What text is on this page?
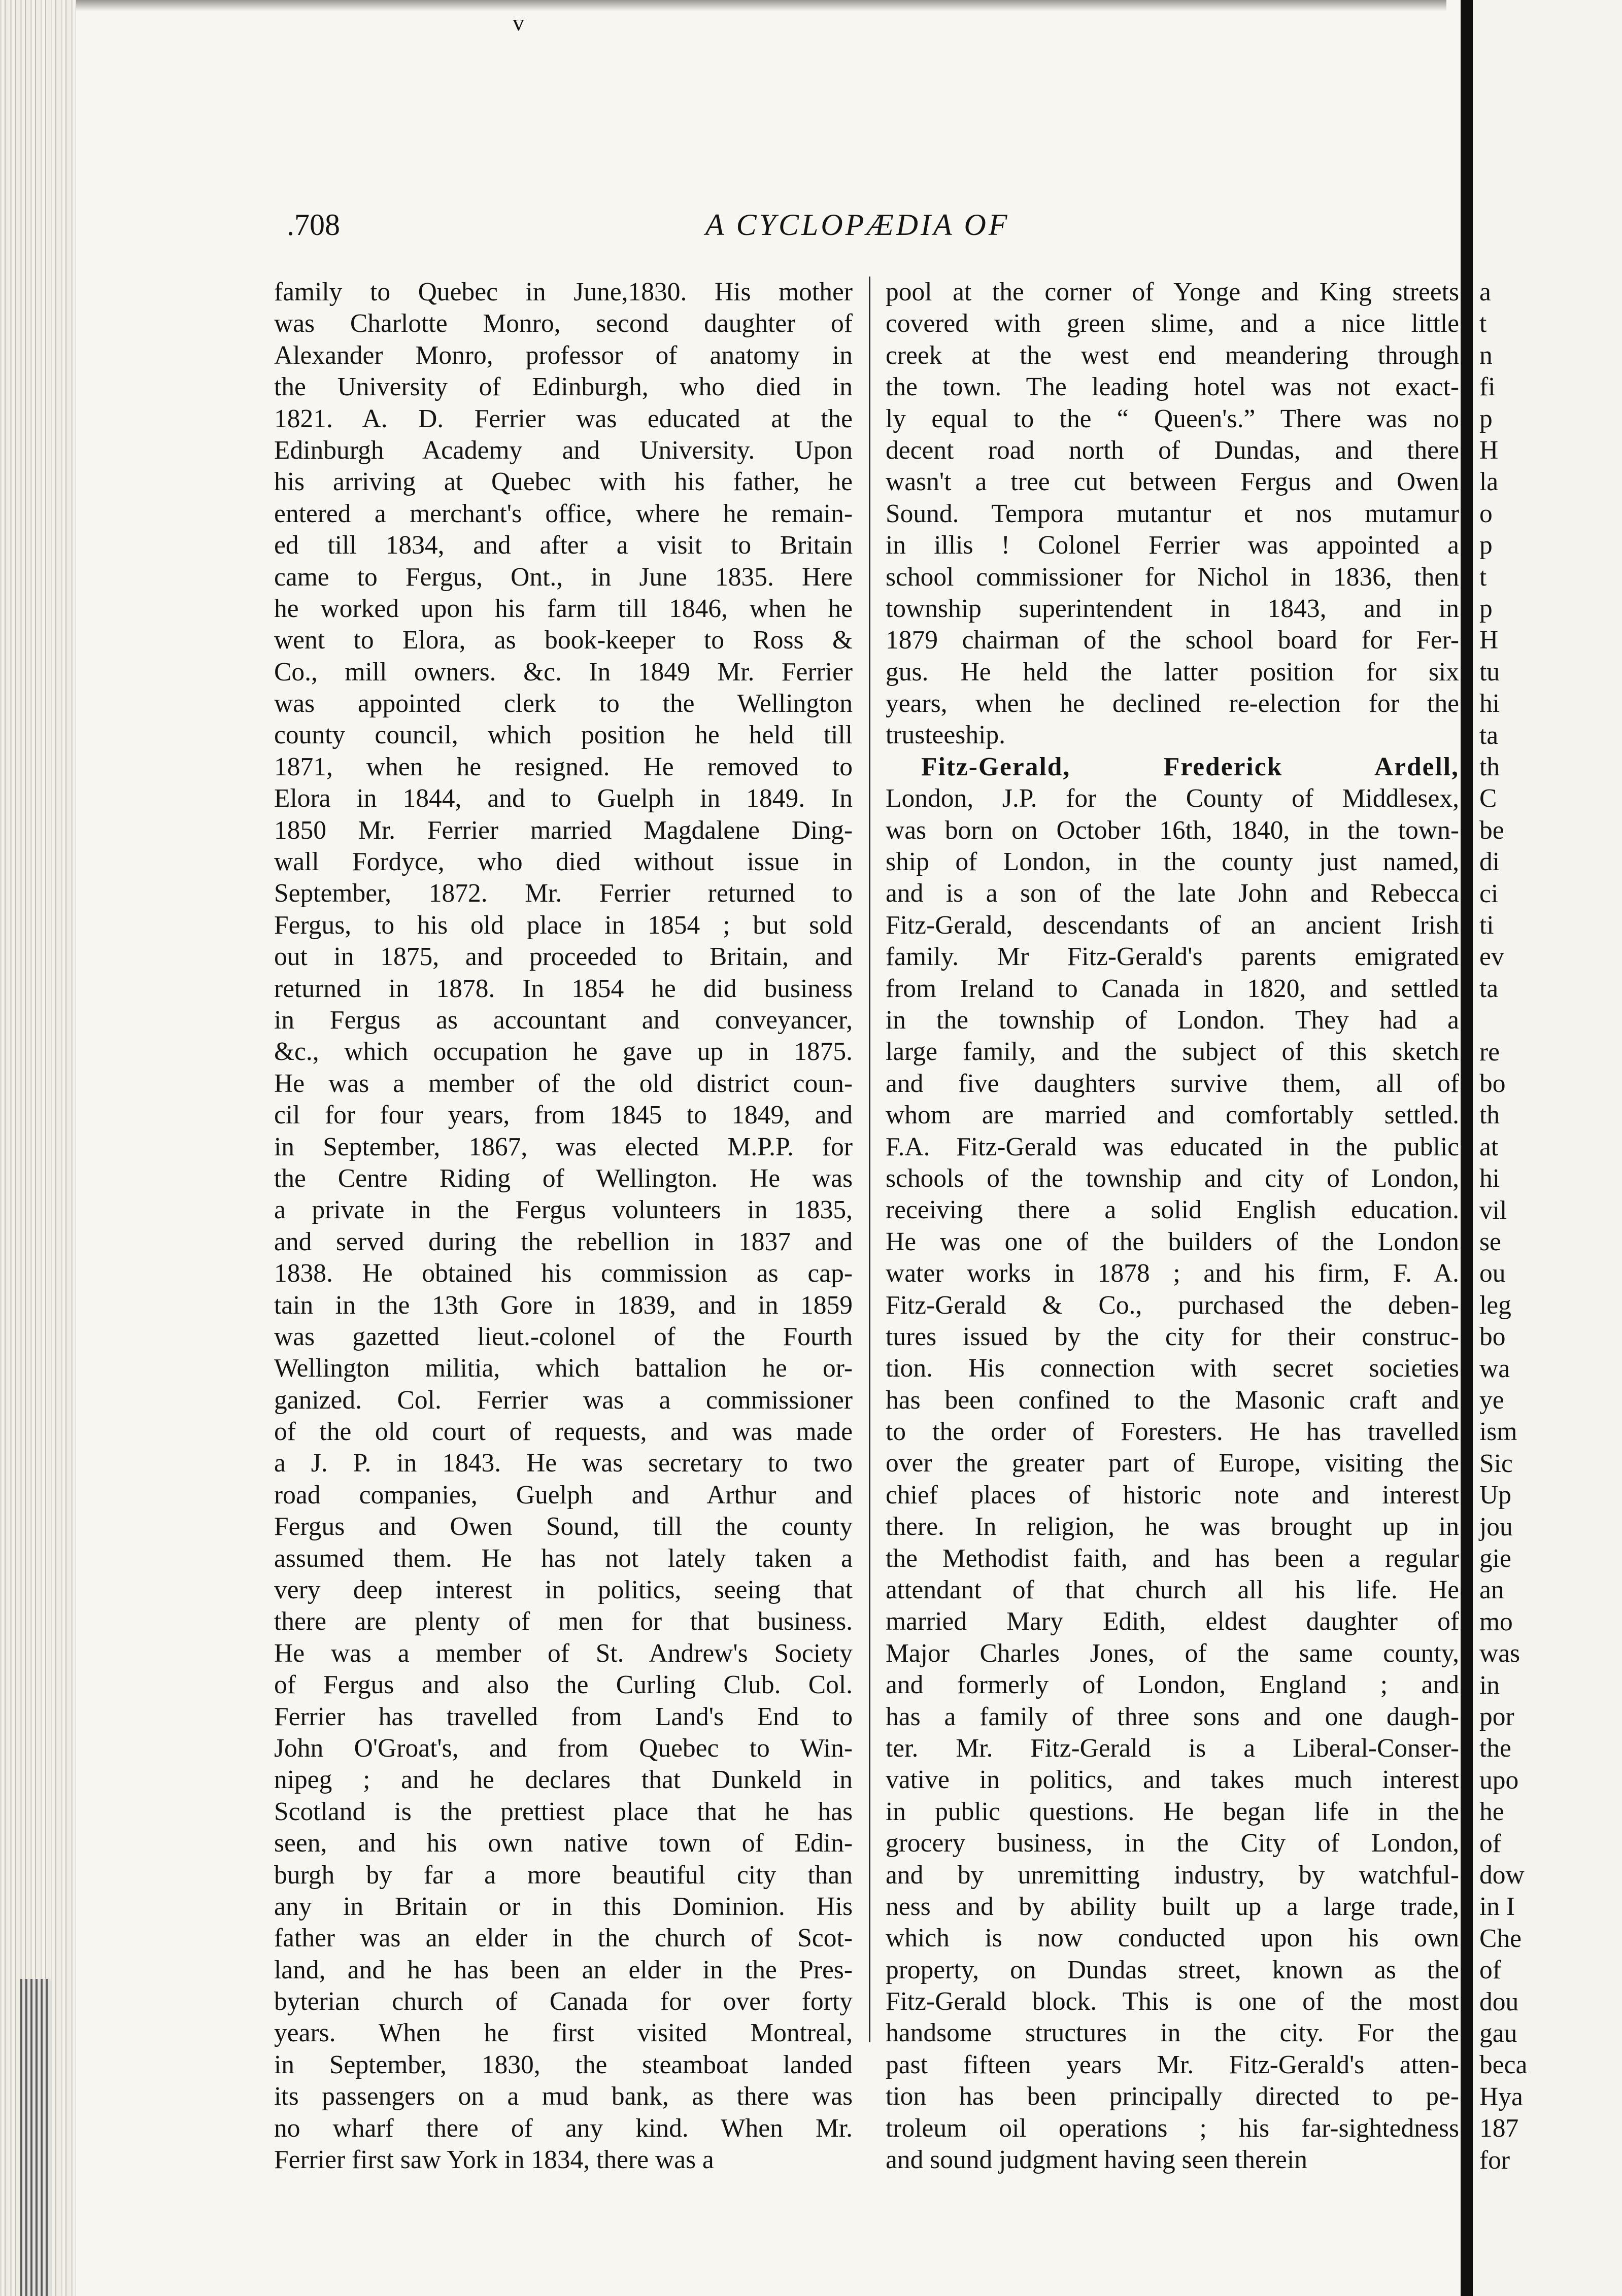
v
.708	A CYCLOPÆDIA OF
family to Quebec in June,1830. His mother
was Charlotte Monro, second daughter of
Alexander Monro, professor of anatomy in
the University of Edinburgh, who died in
1821. A. D. Ferrier was educated at the
Edinburgh Academy and University. Upon
his arriving at Quebec with his father, he
entered a merchant's office, where he remain-
ed till 1834, and after a visit to Britain
came to Fergus, Ont., in June 1835. Here
he worked upon his farm till 1846, when he
went to Elora, as book-keeper to Ross &
Co., mill owners. &c. In 1849 Mr. Ferrier
was appointed clerk to the Wellington
county council, which position he held till
1871, when he resigned. He removed to
Elora in 1844, and to Guelph in 1849. In
1850 Mr. Ferrier married Magdalene Ding-
wall Fordyce, who died without issue in
September, 1872. Mr. Ferrier returned to
Fergus, to his old place in 1854 ; but sold
out in 1875, and proceeded to Britain, and
returned in 1878. In 1854 he did business
in Fergus as accountant and conveyancer,
&c., which occupation he gave up in 1875.
He was a member of the old district coun-
cil for four years, from 1845 to 1849, and
in September, 1867, was elected M.P.P. for
the Centre Riding of Wellington. He was
a private in the Fergus volunteers in 1835,
and served during the rebellion in 1837 and
1838. He obtained his commission as cap-
tain in the 13th Gore in 1839, and in 1859
was gazetted lieut.-colonel of the Fourth
Wellington militia, which battalion he or-
ganized. Col. Ferrier was a commissioner
of the old court of requests, and was made
a J. P. in 1843. He was secretary to two
road companies, Guelph and Arthur and
Fergus and Owen Sound, till the county
assumed them. He has not lately taken a
very deep interest in politics, seeing that
there are plenty of men for that business.
He was a member of St. Andrew's Society
of Fergus and also the Curling Club. Col.
Ferrier has travelled from Land's End to
John O'Groat's, and from Quebec to Win-
nipeg ; and he declares that Dunkeld in
Scotland is the prettiest place that he has
seen, and his own native town of Edin-
burgh by far a more beautiful city than
any in Britain or in this Dominion. His
father was an elder in the church of Scot-
land, and he has been an elder in the Pres-
byterian church of Canada for over forty
years. When he first visited Montreal,
in September, 1830, the steamboat landed
its passengers on a mud bank, as there was
no wharf there of any kind. When Mr.
Ferrier first saw York in 1834, there was a
pool at the corner of Yonge and King streets
covered with green slime, and a nice little
creek at the west end meandering through
the town. The leading hotel was not exact-
ly equal to the “ Queen's.” There was no
decent road north of Dundas, and there
wasn't a tree cut between Fergus and Owen
Sound. Tempora mutantur et nos mutamur
in illis ! Colonel Ferrier was appointed a
school commissioner for Nichol in 1836, then
township superintendent in 1843, and in
1879 chairman of the school board for Fer-
gus. He held the latter position for six
years, when he declined re-election for the
trusteeship.
Fitz-Gerald, Frederick Ardell,
London, J.P. for the County of Middlesex,
was born on October 16th, 1840, in the town-
ship of London, in the county just named,
and is a son of the late John and Rebecca
Fitz-Gerald, descendants of an ancient Irish
family. Mr Fitz-Gerald's parents emigrated
from Ireland to Canada in 1820, and settled
in the township of London. They had a
large family, and the subject of this sketch
and five daughters survive them, all of
whom are married and comfortably settled.
F.A. Fitz-Gerald was educated in the public
schools of the township and city of London,
receiving there a solid English education.
He was one of the builders of the London
water works in 1878 ; and his firm, F. A.
Fitz-Gerald & Co., purchased the deben-
tures issued by the city for their construc-
tion. His connection with secret societies
has been confined to the Masonic craft and
to the order of Foresters. He has travelled
over the greater part of Europe, visiting the
chief places of historic note and interest
there. In religion, he was brought up in
the Methodist faith, and has been a regular
attendant of that church all his life. He
married Mary Edith, eldest daughter of
Major Charles Jones, of the same county,
and formerly of London, England ; and
has a family of three sons and one daugh-
ter. Mr. Fitz-Gerald is a Liberal-Conser-
vative in politics, and takes much interest
in public questions. He began life in the
grocery business, in the City of London,
and by unremitting industry, by watchful-
ness and by ability built up a large trade,
which is now conducted upon his own
property, on Dundas street, known as the
Fitz-Gerald block. This is one of the most
handsome structures in the city. For the
past fifteen years Mr. Fitz-Gerald's atten-
tion has been principally directed to pe-
troleum oil operations ; his far-sightedness
and sound judgment having seen therein
a
t
n
fi
p
H
la
o
p
t
p
H
tu
hi
ta
th
C
be
di
ci
ti
ev
ta
re
bo
th
at
hi
vil
se
ou
leg
bo
wa
ye
ism
Sic
Up
jou
gie
an
mo
was
in
por
the
upo
he
of
dow
in I
Che
of
dou
gau
beca
Hya
187
for
